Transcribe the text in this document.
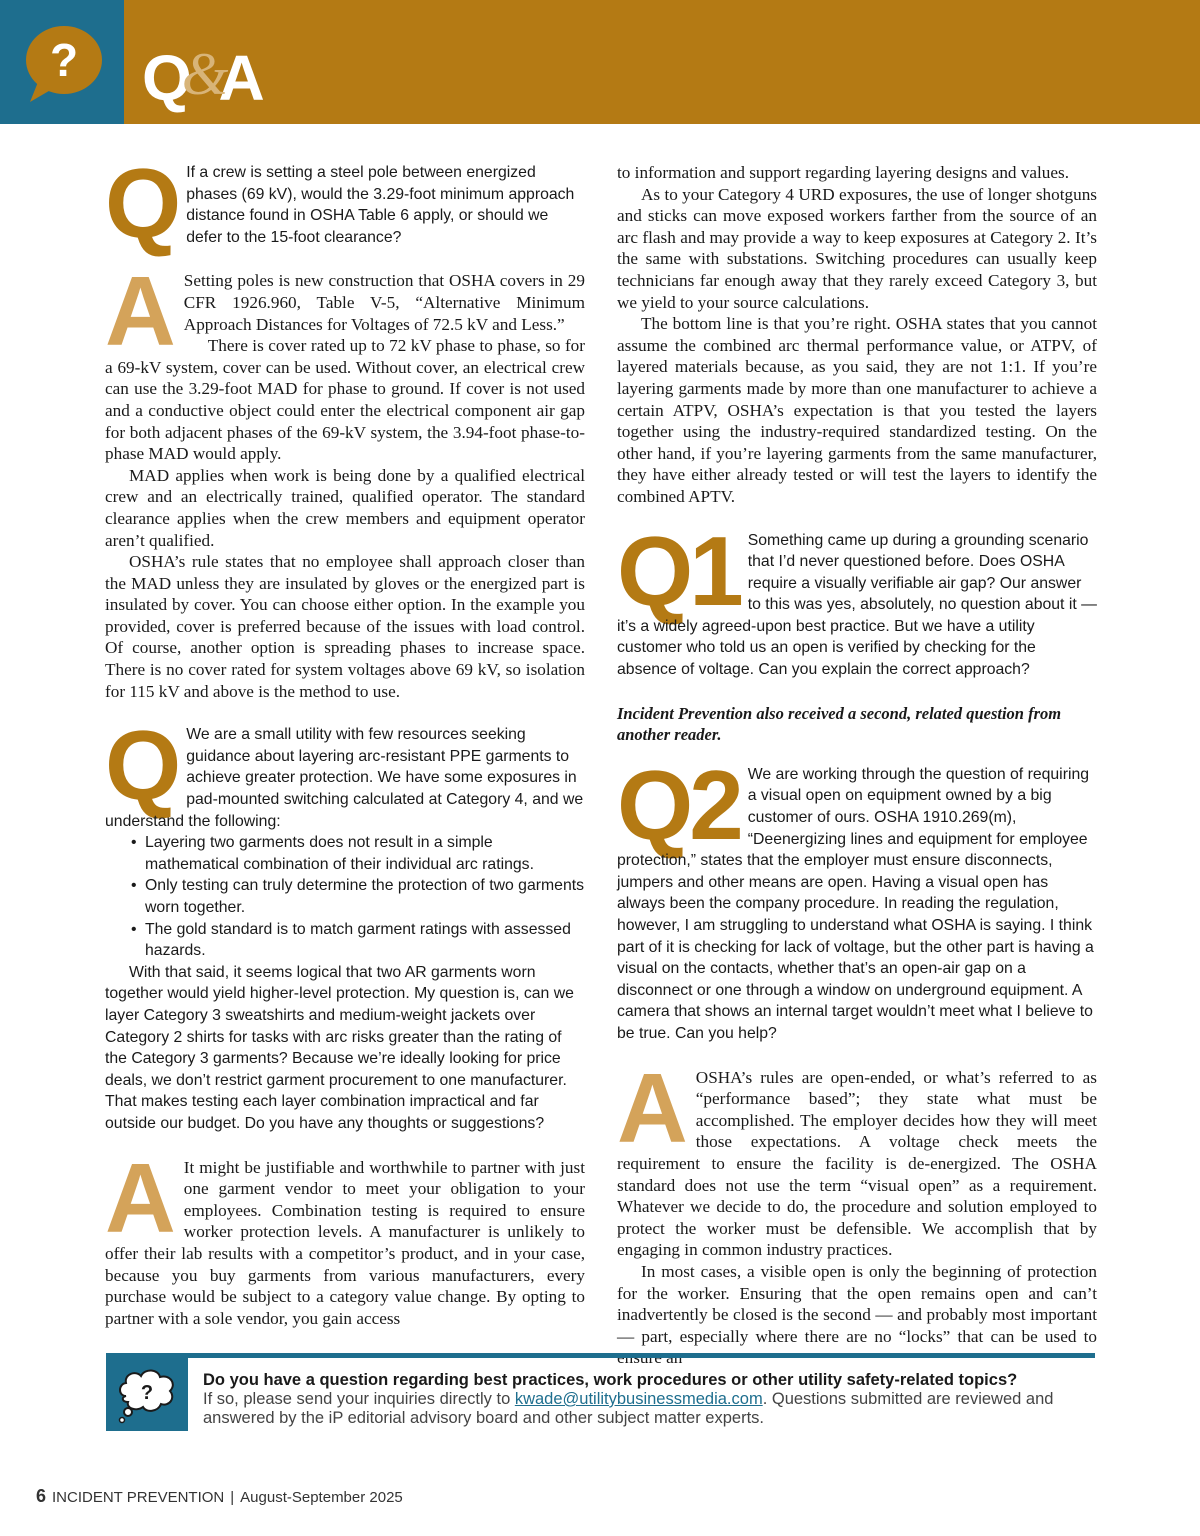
? Q&A
Q If a crew is setting a steel pole between energized phases (69 kV), would the 3.29-foot minimum approach distance found in OSHA Table 6 apply, or should we defer to the 15-foot clearance?

A Setting poles is new construction that OSHA covers in 29 CFR 1926.960, Table V-5, “Alternative Minimum Approach Distances for Voltages of 72.5 kV and Less.”

There is cover rated up to 72 kV phase to phase, so for a 69-kV system, cover can be used. Without cover, an electrical crew can use the 3.29-foot MAD for phase to ground. If cover is not used and a conductive object could enter the electrical component air gap for both adjacent phases of the 69-kV system, the 3.94-foot phase-to-phase MAD would apply.

MAD applies when work is being done by a qualified electrical crew and an electrically trained, qualified operator. The standard clearance applies when the crew members and equipment operator aren’t qualified.

OSHA’s rule states that no employee shall approach closer than the MAD unless they are insulated by gloves or the energized part is insulated by cover. You can choose either option. In the example you provided, cover is preferred because of the issues with load control. Of course, another option is spreading phases to increase space. There is no cover rated for system voltages above 69 kV, so isolation for 115 kV and above is the method to use.

Q We are a small utility with few resources seeking guidance about layering arc-resistant PPE garments to achieve greater protection. We have some exposures in pad-mounted switching calculated at Category 4, and we understand the following:

• Layering two garments does not result in a simple mathematical combination of their individual arc ratings.
• Only testing can truly determine the protection of two garments worn together.
• The gold standard is to match garment ratings with assessed hazards.

With that said, it seems logical that two AR garments worn together would yield higher-level protection. My question is, can we layer Category 3 sweatshirts and medium-weight jackets over Category 2 shirts for tasks with arc risks greater than the rating of the Category 3 garments? Because we’re ideally looking for price deals, we don’t restrict garment procurement to one manufacturer. That makes testing each layer combination impractical and far outside our budget. Do you have any thoughts or suggestions?

A It might be justifiable and worthwhile to partner with just one garment vendor to meet your obligation to your employees. Combination testing is required to ensure worker protection levels. A manufacturer is unlikely to offer their lab results with a competitor’s product, and in your case, because you buy garments from various manufacturers, every purchase would be subject to a category value change. By opting to partner with a sole vendor, you gain access

to information and support regarding layering designs and values.

As to your Category 4 URD exposures, the use of longer shotguns and sticks can move exposed workers farther from the source of an arc flash and may provide a way to keep exposures at Category 2. It’s the same with substations. Switching procedures can usually keep technicians far enough away that they rarely exceed Category 3, but we yield to your source calculations.

The bottom line is that you’re right. OSHA states that you cannot assume the combined arc thermal performance value, or ATPV, of layered materials because, as you said, they are not 1:1. If you’re layering garments made by more than one manufacturer to achieve a certain ATPV, OSHA’s expectation is that you tested the layers together using the industry-required standardized testing. On the other hand, if you’re layering garments from the same manufacturer, they have either already tested or will test the layers to identify the combined APTV.

Q1 Something came up during a grounding scenario that I’d never questioned before. Does OSHA require a visually verifiable air gap? Our answer to this was yes, absolutely, no question about it — it’s a widely agreed-upon best practice. But we have a utility customer who told us an open is verified by checking for the absence of voltage. Can you explain the correct approach?

Incident Prevention also received a second, related question from another reader.

Q2 We are working through the question of requiring a visual open on equipment owned by a big customer of ours. OSHA 1910.269(m), “Deenergizing lines and equipment for employee protection,” states that the employer must ensure disconnects, jumpers and other means are open. Having a visual open has always been the company procedure. In reading the regulation, however, I am struggling to understand what OSHA is saying. I think part of it is checking for lack of voltage, but the other part is having a visual on the contacts, whether that’s an open-air gap on a disconnect or one through a window on underground equipment. A camera that shows an internal target wouldn’t meet what I believe to be true. Can you help?

A OSHA’s rules are open-ended, or what’s referred to as “performance based”; they state what must be accomplished. The employer decides how they will meet those expectations. A voltage check meets the requirement to ensure the facility is de-energized. The OSHA standard does not use the term “visual open” as a requirement. Whatever we decide to do, the procedure and solution employed to protect the worker must be defensible. We accomplish that by engaging in common industry practices.

In most cases, a visible open is only the beginning of protection for the worker. Ensuring that the open remains open and can’t inadvertently be closed is the second — and probably most important — part, especially where there are no “locks” that can be used to

?
Do you have a question regarding best practices, work procedures or other utility safety-related topics?
If so, please send your inquiries directly to kwade@utilitybusinessmedia.com. Questions submitted are reviewed and answered by the iP editorial advisory board and other subject matter experts.
6 INCIDENT PREVENTION | August-September 2025
